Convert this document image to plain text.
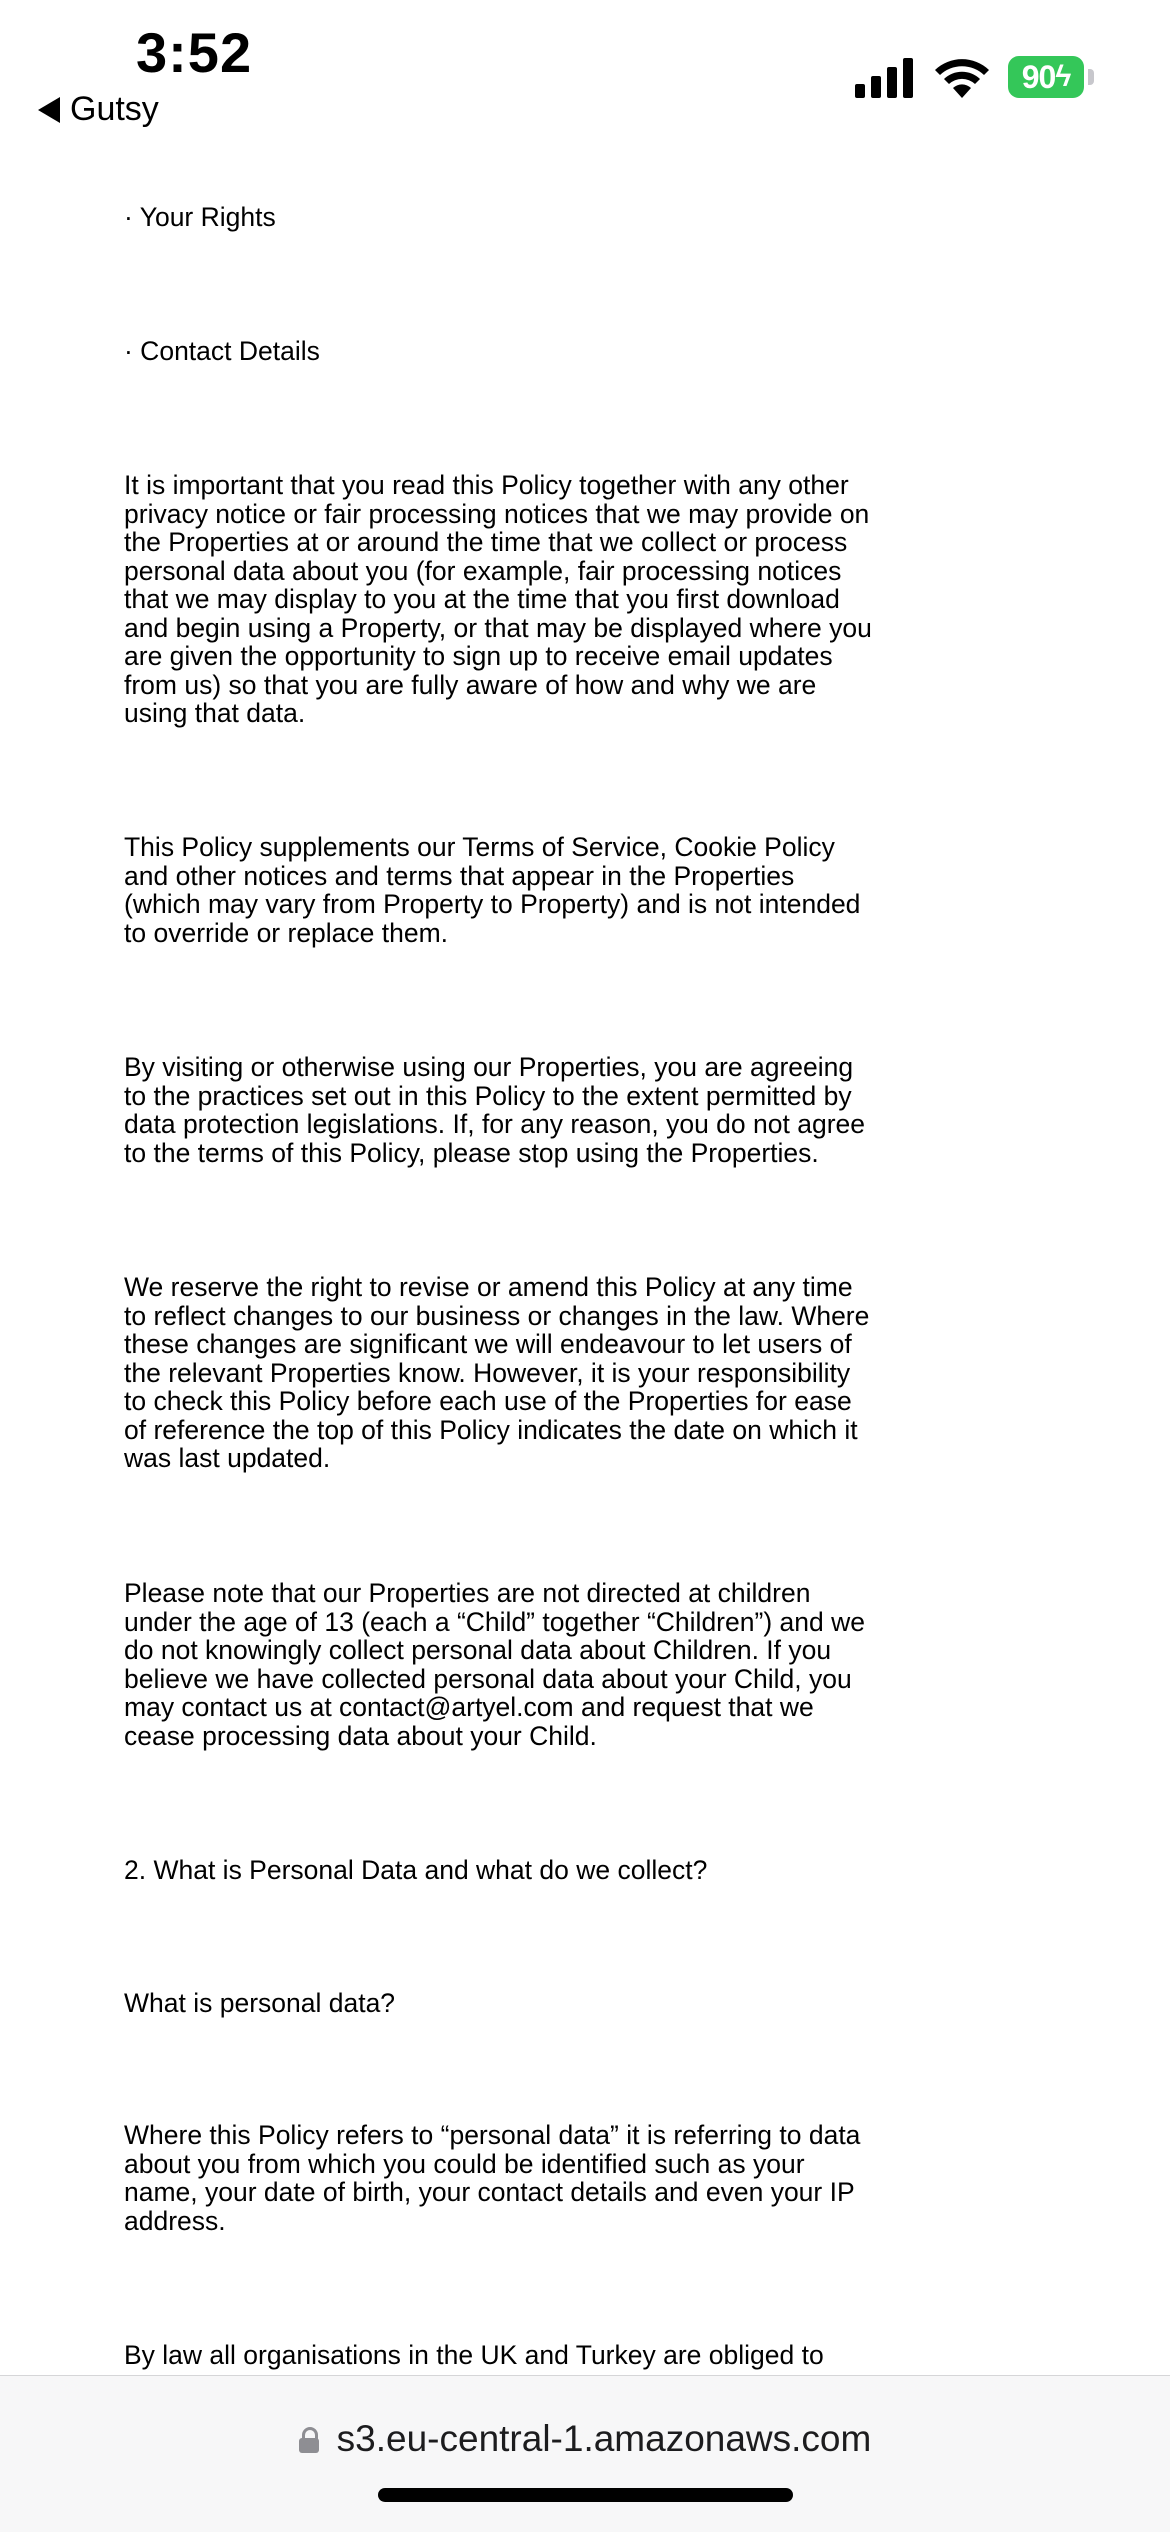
3:52
Gutsy
90 ϟ

· Your Rights

· Contact Details

It is important that you read this Policy together with any other privacy notice or fair processing notices that we may provide on the Properties at or around the time that we collect or process personal data about you (for example, fair processing notices that we may display to you at the time that you first download and begin using a Property, or that may be displayed where you are given the opportunity to sign up to receive email updates from us) so that you are fully aware of how and why we are using that data.

This Policy supplements our Terms of Service, Cookie Policy and other notices and terms that appear in the Properties (which may vary from Property to Property) and is not intended to override or replace them.

By visiting or otherwise using our Properties, you are agreeing to the practices set out in this Policy to the extent permitted by data protection legislations. If, for any reason, you do not agree to the terms of this Policy, please stop using the Properties.

We reserve the right to revise or amend this Policy at any time to reflect changes to our business or changes in the law. Where these changes are significant we will endeavour to let users of the relevant Properties know. However, it is your responsibility to check this Policy before each use of the Properties for ease of reference the top of this Policy indicates the date on which it was last updated.

Please note that our Properties are not directed at children under the age of 13 (each a “Child” together “Children”) and we do not knowingly collect personal data about Children. If you believe we have collected personal data about your Child, you may contact us at contact@artyel.com and request that we cease processing data about your Child.

2. What is Personal Data and what do we collect?

What is personal data?

Where this Policy refers to “personal data” it is referring to data about you from which you could be identified such as your name, your date of birth, your contact details and even your IP address.

By law all organisations in the UK and Turkey are obliged to

s3.eu-central-1.amazonaws.com
